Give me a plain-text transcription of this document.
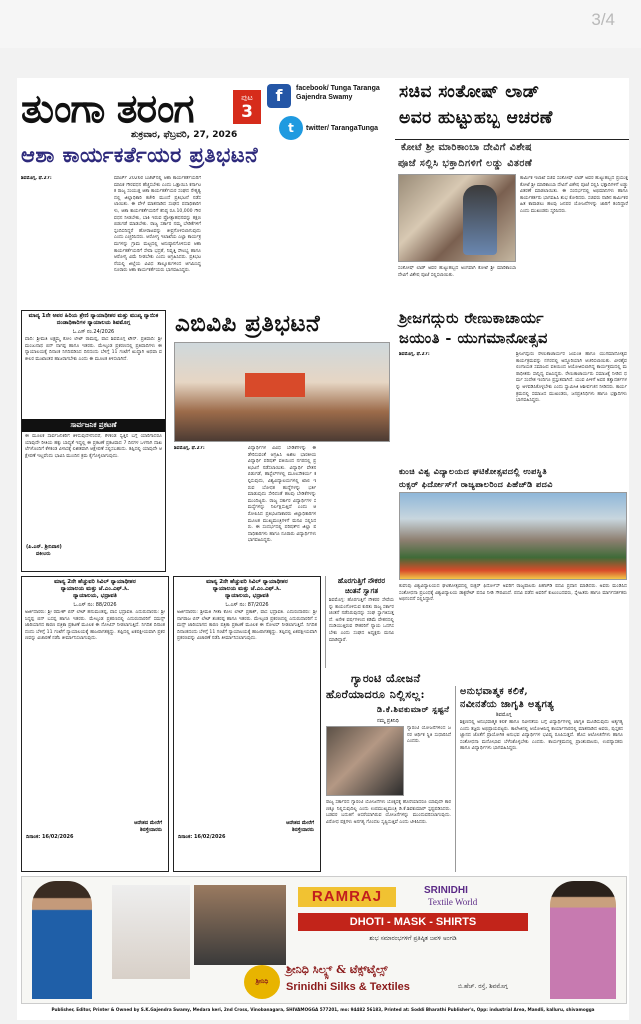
3/4
ತುಂಗಾ ತರಂಗ	ಪುಟ
3
f	facebook/ Tunga Taranga Gajendra Swamy
t	twitter/ TarangaTunga
ಶುಕ್ರವಾರ, ಫೆಬ್ರವರಿ, 27, 2026
ಆಶಾ ಕಾರ್ಯಕರ್ತೆಯರ ಪ್ರತಿಭಟನೆ
ಶಿವಮೊಗ್ಗ, ಫೆ.27:	ಮಾರ್ಚ್ 2026ರ ಬಜೆಟ್‌ನಲ್ಲಿ ಆಶಾ ಕಾರ್ಯಕರ್ತೆಯರಿಗೆ ಮಾಸಿಕ ಗೌರವಧನ ಹೆಚ್ಚಿಸಬೇಕು ಎಂದು ಒತ್ತಾಯಿಸಿ ಕರ್ನಾಟಕ ರಾಜ್ಯ ಸಂಯುಕ್ತ ಆಶಾ ಕಾರ್ಯಕರ್ತೆಯರ ಸಂಘದ ನೇತೃತ್ವದಲ್ಲಿ ಜಿಲ್ಲಾಧಿಕಾರಿ ಕಚೇರಿ ಮುಂದೆ ಪ್ರತಿಭಟನೆ ನಡೆಸಲಾಯಿತು. ಈ ವೇಳೆ ಮಾತನಾಡಿದ ಸಂಘದ ಪದಾಧಿಕಾರಿಗಳು, ಆಶಾ ಕಾರ್ಯಕರ್ತೆಯರಿಗೆ ಕನಿಷ್ಠ ರೂ.10,000 ಗೌರವಧನ ನೀಡಬೇಕು, ಬಾಕಿ ಇರುವ ಪ್ರೋತ್ಸಾಹಧನವನ್ನು ತಕ್ಷಣ ಬಿಡುಗಡೆ ಮಾಡಬೇಕು. ರಾಜ್ಯ ಸರ್ಕಾರ ನಮ್ಮ ಬೇಡಿಕೆಗಳಿಗೆ ಸ್ಪಂದಿಸದಿದ್ದರೆ ಹೋರಾಟವನ್ನು ತೀವ್ರಗೊಳಿಸಲಾಗುವುದು ಎಂದು ಎಚ್ಚರಿಸಿದರು. ಆರೋಗ್ಯ ಇಲಾಖೆಯ ಎಲ್ಲಾ ಕಾರ್ಯಕ್ರಮಗಳನ್ನು ಗ್ರಾಮ ಮಟ್ಟದಲ್ಲಿ ಅನುಷ್ಠಾನಗೊಳಿಸುವ ಆಶಾ ಕಾರ್ಯಕರ್ತೆಯರಿಗೆ ಸೇವಾ ಭದ್ರತೆ, ನಿವೃತ್ತಿ ಸೌಲಭ್ಯ ಹಾಗೂ ಆರೋಗ್ಯ ವಿಮೆ ನೀಡಬೇಕು ಎಂದು ಆಗ್ರಹಿಸಿದರು. ಪ್ರತಿಭಟನೆಯಲ್ಲಿ ಜಿಲ್ಲೆಯ ವಿವಿಧ ತಾಲ್ಲೂಕುಗಳಿಂದ ಆಗಮಿಸಿದ್ದ ನೂರಾರು ಆಶಾ ಕಾರ್ಯಕರ್ತೆಯರು ಭಾಗವಹಿಸಿದ್ದರು.
ಸಚಿವ ಸಂತೋಷ್ ಲಾಡ್
ಅವರ ಹುಟ್ಟುಹಬ್ಬ ಆಚರಣೆ
ಕೋಟೆ ಶ್ರೀ ಮಾರಿಕಾಂಬಾ ದೇವಿಗೆ ವಿಶೇಷ
ಪೂಜೆ ಸಲ್ಲಿಸಿ ಭಕ್ತಾದಿಗಳಿಗೆ ಲಡ್ಡು ವಿತರಣೆ
ಕಾರ್ಮಿಕ ಇಲಾಖೆ ಸಚಿವ ಸಂತೋಷ್ ಲಾಡ್ ಅವರ ಹುಟ್ಟುಹಬ್ಬದ ಪ್ರಯುಕ್ತ ಕೋಟೆ ಶ್ರೀ ಮಾರಿಕಾಂಬಾ ದೇವಿಗೆ ವಿಶೇಷ ಪೂಜೆ ಸಲ್ಲಿಸಿ ಭಕ್ತಾದಿಗಳಿಗೆ ಲಡ್ಡು ವಿತರಣೆ ಮಾಡಲಾಯಿತು. ಈ ಸಂದರ್ಭದಲ್ಲಿ ಅಭಿಮಾನಿಗಳು ಹಾಗೂ ಕಾರ್ಯಕರ್ತರು ಭಾಗವಹಿಸಿ ಶುಭ ಕೋರಿದರು. ಸಚಿವರು ನಾಡಿನ ಕಾರ್ಮಿಕರ ಹಿತ ಕಾಪಾಡಲು ಹಲವು ಜನಪರ ಯೋಜನೆಗಳನ್ನು ಜಾರಿಗೆ ತಂದಿದ್ದಾರೆ ಎಂದು ಮುಖಂಡರು ಸ್ಮರಿಸಿದರು.
ಸಂತೋಷ್ ಲಾಡ್ ಅವರ ಹುಟ್ಟುಹಬ್ಬದ ಅಂಗವಾಗಿ ಕೋಟೆ ಶ್ರೀ ಮಾರಿಕಾಂಬಾ ದೇವಿಗೆ ವಿಶೇಷ ಪೂಜೆ ಸಲ್ಲಿಸಲಾಯಿತು.
ಮಾನ್ಯ 1ನೇ ಅಪರ ಹಿರಿಯ ಶ್ರೇಣಿ ನ್ಯಾಯಾಧೀಶರ ಮತ್ತು ಮುಖ್ಯ ನ್ಯಾಯಿಕ
ದಂಡಾಧಿಕಾರಿಗಳ ನ್ಯಾಯಾಲಯ ಶಿವಮೊಗ್ಗ
ಓ.ಎಸ್ ನಂ.24/2026
ವಾದಿ: ಶ್ರೀಮತಿ ಲಕ್ಷ್ಮಮ್ಮ ಕೋಂ ಲೇಟ್ ರಾಮಪ್ಪ, ವಾಸ ಶಿವಮೊಗ್ಗ ಟೌನ್. ಪ್ರತಿವಾದಿ: ಶ್ರೀ ಮಂಜುನಾಥ ಬಿನ್ ನಾಗಪ್ಪ ಹಾಗೂ ಇತರರು. ಮೇಲ್ಕಂಡ ಪ್ರಕರಣದಲ್ಲಿ ಪ್ರತಿವಾದಿಗಳು ಈ ನ್ಯಾಯಾಲಯಕ್ಕೆ ದಿನಾಂಕ ನಿಗದಿಪಡಿಸಿದ ದಿನದಂದು ಬೆಳಿಗ್ಗೆ 11 ಗಂಟೆಗೆ ಖುದ್ದಾಗಿ ಅಥವಾ ವಕೀಲರ ಮುಖಾಂತರ ಹಾಜರಾಗಬೇಕು ಎಂದು ಈ ಮೂಲಕ ತಿಳಿಸಲಾಗಿದೆ.
ಸಾರ್ವಜನಿಕ ಪ್ರಕಟಣೆ
ಈ ಮೂಲಕ ಸಾರ್ವಜನಿಕರಿಗೆ ತಿಳಿಸುವುದೇನೆಂದರೆ, ಕೆಳಕಂಡ ಸ್ವತ್ತಿನ ಬಗ್ಗೆ ಯಾರಿಗಾದರೂ ಯಾವುದೇ ರೀತಿಯ ಹಕ್ಕು ಬಾಧ್ಯತೆ ಇದ್ದಲ್ಲಿ ಈ ಪ್ರಕಟಣೆ ಪ್ರಕಟವಾದ 7 ದಿನಗಳ ಒಳಗಾಗಿ ದಾಖಲೆಗಳೊಂದಿಗೆ ಕೆಳಕಂಡ ವಿಳಾಸಕ್ಕೆ ಲಿಖಿತವಾಗಿ ಆಕ್ಷೇಪಣೆ ಸಲ್ಲಿಸಬಹುದು. ತಪ್ಪಿದಲ್ಲಿ ಯಾವುದೇ ಆಕ್ಷೇಪಣೆ ಇಲ್ಲವೆಂದು ಭಾವಿಸಿ ಮುಂದಿನ ಕ್ರಮ ಕೈಗೊಳ್ಳಲಾಗುವುದು.
(ಪಿ.ಎನ್. ಶ್ರೀನಿವಾಸ)
ವಕೀಲರು
ಎಬಿವಿಪಿ ಪ್ರತಿಭಟನೆ
ಶಿವಮೊಗ್ಗ, ಫೆ.27:	ವಿದ್ಯಾರ್ಥಿಗಳ ವಿವಿಧ ಬೇಡಿಕೆಗಳನ್ನು ಈಡೇರಿಸುವಂತೆ ಆಗ್ರಹಿಸಿ ಅಖಿಲ ಭಾರತೀಯ ವಿದ್ಯಾರ್ಥಿ ಪರಿಷತ್ ವತಿಯಿಂದ ನಗರದಲ್ಲಿ ಪ್ರತಿಭಟನೆ ನಡೆಸಲಾಯಿತು. ವಿದ್ಯಾರ್ಥಿ ವೇತನ ಬಿಡುಗಡೆ, ಹಾಸ್ಟೆಲ್‌ಗಳಲ್ಲಿ ಮೂಲಸೌಕರ್ಯ ಕಲ್ಪಿಸುವುದು, ವಿಶ್ವವಿದ್ಯಾಲಯಗಳಲ್ಲಿ ಖಾಲಿ ಇರುವ ಬೋಧಕ ಹುದ್ದೆಗಳನ್ನು ಭರ್ತಿ ಮಾಡುವುದು ಸೇರಿದಂತೆ ಹಲವು ಬೇಡಿಕೆಗಳನ್ನು ಮುಂದಿಟ್ಟರು. ರಾಜ್ಯ ಸರ್ಕಾರ ವಿದ್ಯಾರ್ಥಿಗಳ ಸಮಸ್ಯೆಗಳನ್ನು ನಿರ್ಲಕ್ಷಿಸುತ್ತಿದೆ ಎಂದು ಆರೋಪಿಸಿದ ಪ್ರತಿಭಟನಾಕಾರರು ಜಿಲ್ಲಾಧಿಕಾರಿಗಳ ಮೂಲಕ ಮುಖ್ಯಮಂತ್ರಿಗಳಿಗೆ ಮನವಿ ಸಲ್ಲಿಸಿದರು. ಈ ಸಂದರ್ಭದಲ್ಲಿ ಪರಿಷತ್‌ನ ಜಿಲ್ಲಾ ಪದಾಧಿಕಾರಿಗಳು ಹಾಗೂ ನೂರಾರು ವಿದ್ಯಾರ್ಥಿಗಳು ಭಾಗವಹಿಸಿದ್ದರು.
ಶ್ರೀಜಗದ್ಗುರು ರೇಣುಕಾಚಾರ್ಯ
ಜಯಂತಿ - ಯುಗಮಾನೋತ್ಸವ
ಶಿವಮೊಗ್ಗ, ಫೆ.27:	ಶ್ರೀಜಗದ್ಗುರು ರೇಣುಕಾಚಾರ್ಯರ ಜಯಂತಿ ಹಾಗೂ ಯುಗಮಾನೋತ್ಸವ ಕಾರ್ಯಕ್ರಮವನ್ನು ನಗರದಲ್ಲಿ ಅದ್ದೂರಿಯಾಗಿ ಆಚರಿಸಲಾಯಿತು. ವೀರಶೈವ ಲಿಂಗಾಯತ ಸಮಾಜದ ವತಿಯಿಂದ ಆಯೋಜಿಸಲಾಗಿದ್ದ ಕಾರ್ಯಕ್ರಮದಲ್ಲಿ ಮಠಾಧೀಶರು ಸಾನ್ನಿಧ್ಯ ವಹಿಸಿದ್ದರು. ರೇಣುಕಾಚಾರ್ಯರು ಸಮಾಜಕ್ಕೆ ನೀಡಿದ ಧರ್ಮ ಸಂದೇಶ ಇಂದಿಗೂ ಪ್ರಸ್ತುತವಾಗಿದೆ. ಯುವ ಪೀಳಿಗೆ ಅವರ ತತ್ವಾದರ್ಶಗಳನ್ನು ಅಳವಡಿಸಿಕೊಳ್ಳಬೇಕು ಎಂದು ಸ್ವಾಮೀಜಿ ಆಶೀರ್ವಚನ ನೀಡಿದರು. ಕಾರ್ಯಕ್ರಮದಲ್ಲಿ ಸಮಾಜದ ಮುಖಂಡರು, ಜನಪ್ರತಿನಿಧಿಗಳು ಹಾಗೂ ಭಕ್ತಾದಿಗಳು ಭಾಗವಹಿಸಿದ್ದರು.
ಕುಂಚಿ ವಿಶ್ವ ವಿದ್ಯಾಲಯದ ಘಟಿಕೋತ್ಸವದಲ್ಲಿ ಉಪಸ್ಥಿತಿ
ರುಕ್ಸರ್ ಫಿರ್ದೋಸ್‌ಗೆ ರಾಜ್ಯಪಾಲರಿಂದ ಪಿಹೆಚ್‌ಡಿ ಪದವಿ
ಕುವೆಂಪು ವಿಶ್ವವಿದ್ಯಾಲಯದ ಘಟಿಕೋತ್ಸವದಲ್ಲಿ ರುಕ್ಸರ್ ಫಿರ್ದೋಸ್ ಅವರಿಗೆ ರಾಜ್ಯಪಾಲರು ಪಿಹೆಚ್‌ಡಿ ಪದವಿ ಪ್ರದಾನ ಮಾಡಿದರು. ಅವರು ಮಂಡಿಸಿದ ಸಂಶೋಧನಾ ಪ್ರಬಂಧಕ್ಕೆ ವಿಶ್ವವಿದ್ಯಾಲಯ ಡಾಕ್ಟರೇಟ್ ಪದವಿ ನೀಡಿ ಗೌರವಿಸಿದೆ. ಪದವಿ ಪಡೆದ ಅವರಿಗೆ ಕುಟುಂಬದವರು, ಸ್ನೇಹಿತರು ಹಾಗೂ ಮಾರ್ಗದರ್ಶಕರು ಅಭಿನಂದನೆ ಸಲ್ಲಿಸಿದ್ದಾರೆ.
ಮಾನ್ಯ 2ನೇ ಹೆಚ್ಚುವರಿ ಸಿವಿಲ್ ನ್ಯಾಯಾಧೀಶರ
ನ್ಯಾಯಾಲಯ ಮತ್ತು ಜೆ.ಎಂ.ಎಫ್.ಸಿ.
ನ್ಯಾಯಾಲಯ, ಭದ್ರಾವತಿ
ಓ.ಎಸ್ ನಂ: 88/2026
ಅರ್ಜಿದಾರರು: ಶ್ರೀ ರಮೇಶ್ ಬಿನ್ ಲೇಟ್ ಹನುಮಂತಪ್ಪ, ವಾಸ ಭದ್ರಾವತಿ. ಎದುರುದಾರರು: ಶ್ರೀ ಸಿದ್ದಪ್ಪ ಬಿನ್ ಬಸಪ್ಪ ಹಾಗೂ ಇತರರು. ಮೇಲ್ಕಂಡ ಪ್ರಕರಣದಲ್ಲಿ ಎದುರುದಾರರಿಗೆ ಸಮನ್ಸ್ ಜಾರಿಯಾಗದ ಕಾರಣ ಪತ್ರಿಕಾ ಪ್ರಕಟಣೆ ಮೂಲಕ ಈ ನೋಟಿಸ್ ನೀಡಲಾಗುತ್ತಿದೆ. ನಿಗದಿತ ದಿನಾಂಕದಂದು ಬೆಳಿಗ್ಗೆ 11 ಗಂಟೆಗೆ ನ್ಯಾಯಾಲಯಕ್ಕೆ ಹಾಜರಾಗತಕ್ಕದ್ದು. ತಪ್ಪಿದಲ್ಲಿ ಏಕಪಕ್ಷೀಯವಾಗಿ ಪ್ರಕರಣವನ್ನು ವಿಚಾರಣೆ ನಡೆಸಿ ತೀರ್ಮಾನಿಸಲಾಗುವುದು.
ಆದೇಶದ ಮೇರೆಗೆ
ಶಿರಸ್ತೇದಾರರು
ದಿನಾಂಕ: 16/02/2026
ಮಾನ್ಯ 2ನೇ ಹೆಚ್ಚುವರಿ ಸಿವಿಲ್ ನ್ಯಾಯಾಧೀಶರ
ನ್ಯಾಯಾಲಯ ಮತ್ತು ಜೆ.ಎಂ.ಎಫ್.ಸಿ.
ನ್ಯಾಯಾಲಯ, ಭದ್ರಾವತಿ
ಓ.ಎಸ್ ನಂ: 87/2026
ಅರ್ಜಿದಾರರು: ಶ್ರೀಮತಿ ಗೀತಾ ಕೋಂ ಲೇಟ್ ಪ್ರಕಾಶ್, ವಾಸ ಭದ್ರಾವತಿ. ಎದುರುದಾರರು: ಶ್ರೀ ನಾಗರಾಜ ಬಿನ್ ಲೇಟ್ ಶಂಕರಪ್ಪ ಹಾಗೂ ಇತರರು. ಮೇಲ್ಕಂಡ ಪ್ರಕರಣದಲ್ಲಿ ಎದುರುದಾರರಿಗೆ ಸಮನ್ಸ್ ಜಾರಿಯಾಗದ ಕಾರಣ ಪತ್ರಿಕಾ ಪ್ರಕಟಣೆ ಮೂಲಕ ಈ ನೋಟಿಸ್ ನೀಡಲಾಗುತ್ತಿದೆ. ನಿಗದಿತ ದಿನಾಂಕದಂದು ಬೆಳಿಗ್ಗೆ 11 ಗಂಟೆಗೆ ನ್ಯಾಯಾಲಯಕ್ಕೆ ಹಾಜರಾಗತಕ್ಕದ್ದು. ತಪ್ಪಿದಲ್ಲಿ ಏಕಪಕ್ಷೀಯವಾಗಿ ಪ್ರಕರಣವನ್ನು ವಿಚಾರಣೆ ನಡೆಸಿ ತೀರ್ಮಾನಿಸಲಾಗುವುದು.
ಆದೇಶದ ಮೇರೆಗೆ
ಶಿರಸ್ತೇದಾರರು
ದಿನಾಂಕ: 16/02/2026
ಹೊರಗುತ್ತಿಗೆ ನೌಕರರ
ಚಿಂತನೆ ಸ್ವಾಗತ
ಶಿವಮೊಗ್ಗ: ಹೊರಗುತ್ತಿಗೆ ನೌಕರರ ಸೇವೆಯನ್ನು ಕಾಯಂಗೊಳಿಸುವ ಕುರಿತು ರಾಜ್ಯ ಸರ್ಕಾರ ಚಿಂತನೆ ನಡೆಸಿರುವುದನ್ನು ಸಂಘ ಸ್ವಾಗತಿಸುತ್ತದೆ. ಅನೇಕ ವರ್ಷಗಳಿಂದ ಕಡಿಮೆ ವೇತನದಲ್ಲಿ ದುಡಿಯುತ್ತಿರುವ ನೌಕರರಿಗೆ ನ್ಯಾಯ ಒದಗಿಸಬೇಕು ಎಂದು ಸಂಘದ ಅಧ್ಯಕ್ಷರು ಮನವಿ ಮಾಡಿದ್ದಾರೆ.
ಗ್ಯಾರಂಟಿ ಯೋಜನೆ
ಹೊರೆಯಾದರೂ ನಿಲ್ಲಿಸಲ್ಲ:
ಡಿ.ಕೆ.ಶಿವಕುಮಾರ್ ಸ್ಪಷ್ಟನೆ
ನಮ್ಮ ಪ್ರತಿನಿಧಿ
ಗ್ಯಾರಂಟಿ ಯೋಜನೆಗಳಿಂದ ಜನರ ಆರ್ಥಿಕ ಸ್ಥಿತಿ ಸುಧಾರಿಸಿದೆ ಎಂದರು.
ರಾಜ್ಯ ಸರ್ಕಾರದ ಗ್ಯಾರಂಟಿ ಯೋಜನೆಗಳು ಬೊಕ್ಕಸಕ್ಕೆ ಹೊರೆಯಾದರೂ ಯಾವುದೇ ಕಾರಣಕ್ಕೂ ನಿಲ್ಲಿಸುವುದಿಲ್ಲ ಎಂದು ಉಪಮುಖ್ಯಮಂತ್ರಿ ಡಿ.ಕೆ.ಶಿವಕುಮಾರ್ ಸ್ಪಷ್ಟಪಡಿಸಿದರು. ಬಡವರ ಬದುಕಿಗೆ ಆಸರೆಯಾಗಿರುವ ಯೋಜನೆಗಳನ್ನು ಮುಂದುವರಿಸಲಾಗುವುದು. ವಿರೋಧ ಪಕ್ಷಗಳು ಅನಗತ್ಯ ಗೊಂದಲ ಸೃಷ್ಟಿಸುತ್ತಿವೆ ಎಂದು ಟೀಕಿಸಿದರು.
ಅನುಭವಾತ್ಮಕ ಕಲಿಕೆ,
ನವೀನತೆಯ ಜಾಗೃತಿ ಅತ್ಯಗತ್ಯ
ಶಿವಮೊಗ್ಗ
ಶಿಕ್ಷಣದಲ್ಲಿ ಅನುಭವಾತ್ಮಕ ಕಲಿಕೆ ಹಾಗೂ ನವೀನತೆಯ ಬಗ್ಗೆ ವಿದ್ಯಾರ್ಥಿಗಳಲ್ಲಿ ಜಾಗೃತಿ ಮೂಡಿಸುವುದು ಅತ್ಯಗತ್ಯ ಎಂದು ತಜ್ಞರು ಅಭಿಪ್ರಾಯಪಟ್ಟರು. ಕಾಲೇಜಿನಲ್ಲಿ ಆಯೋಜಿಸಿದ್ದ ಕಾರ್ಯಾಗಾರದಲ್ಲಿ ಮಾತನಾಡಿದ ಅವರು, ಪುಸ್ತಕದ ಜ್ಞಾನದ ಜೊತೆಗೆ ಪ್ರಾಯೋಗಿಕ ಅನುಭವ ವಿದ್ಯಾರ್ಥಿಗಳ ಭವಿಷ್ಯ ರೂಪಿಸುತ್ತದೆ. ಹೊಸ ಆಲೋಚನೆಗಳು ಹಾಗೂ ಸಂಶೋಧನಾ ಮನೋಭಾವ ಬೆಳೆಸಿಕೊಳ್ಳಬೇಕು ಎಂದರು. ಕಾರ್ಯಕ್ರಮದಲ್ಲಿ ಪ್ರಾಂಶುಪಾಲರು, ಉಪನ್ಯಾಸಕರು ಹಾಗೂ ವಿದ್ಯಾರ್ಥಿಗಳು ಭಾಗವಹಿಸಿದ್ದರು.
RAMRAJ	SRINIDHI
Textile World
DHOTI - MASK - SHIRTS
ಶುಭ ಸಮಾರಂಭಗಳಿಗೆ ಪ್ರತಿಷ್ಠಿತ ಜವಳಿ ಅಂಗಡಿ
ಶ್ರೀನಿಧಿ
ಶ್ರೀನಿಧಿ ಸಿಲ್ಕ್ಸ್ & ಟೆಕ್ಸ್‌ಟೈಲ್ಸ್
Srinidhi Silks & Textiles	ಬಿ.ಹೆಚ್. ರಸ್ತೆ, ಶಿವಮೊಗ್ಗ
Publisher, Editor, Printer & Owned by S.K.Gajendra Swamy, Medara keri, 2nd Cross, Vinobanagara, SHIVAMOGGA 577201, mo: 94482 56183, Printed at: Soddi Bharathi Publisher's, Opp: industrial Area, Mandli, kalluru, shivamogga
